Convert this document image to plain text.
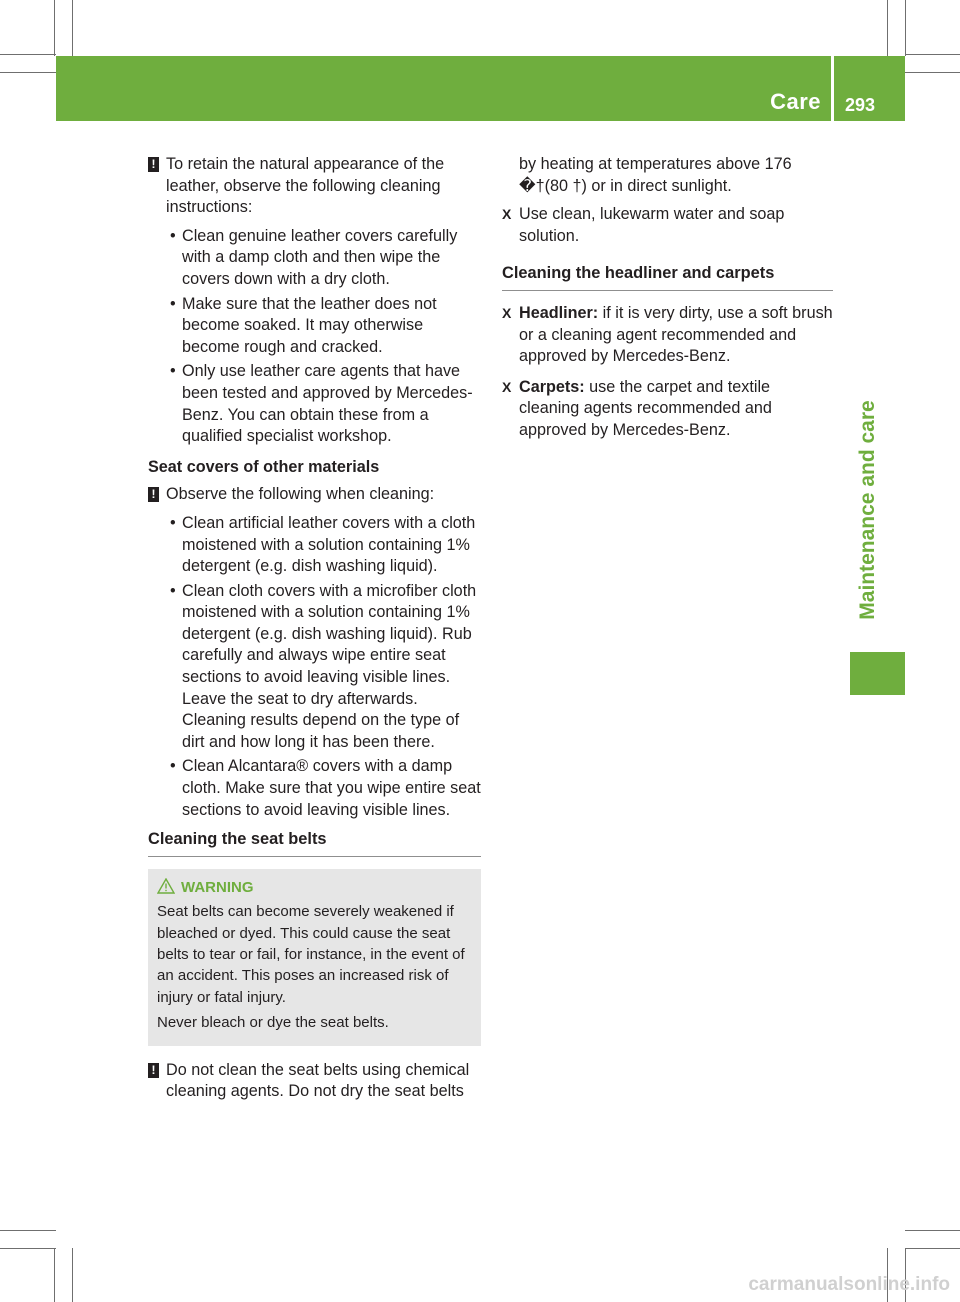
Care 293
Maintenance and care
! To retain the natural appearance of the leather, observe the following cleaning instructions:

• Clean genuine leather covers carefully with a damp cloth and then wipe the covers down with a dry cloth.
• Make sure that the leather does not become soaked. It may otherwise become rough and cracked.
• Only use leather care agents that have been tested and approved by Mercedes-Benz. You can obtain these from a qualified specialist workshop.

Seat covers of other materials

! Observe the following when cleaning:

• Clean artificial leather covers with a cloth moistened with a solution containing 1% detergent (e.g. dish washing liquid).
• Clean cloth covers with a microfiber cloth moistened with a solution containing 1% detergent (e.g. dish washing liquid). Rub carefully and always wipe entire seat sections to avoid leaving visible lines. Leave the seat to dry afterwards. Cleaning results depend on the type of dirt and how long it has been there.
• Clean Alcantara® covers with a damp cloth. Make sure that you wipe entire seat sections to avoid leaving visible lines.

Cleaning the seat belts

WARNING

Seat belts can become severely weakened if bleached or dyed. This could cause the seat belts to tear or fail, for instance, in the event of an accident. This poses an increased risk of injury or fatal injury.

Never bleach or dye the seat belts.

! Do not clean the seat belts using chemical cleaning agents. Do not dry the seat belts

by heating at temperatures above 176 �†(80 †) or in direct sunlight.

X Use clean, lukewarm water and soap solution.

Cleaning the headliner and carpets

X Headliner: if it is very dirty, use a soft brush or a cleaning agent recommended and approved by Mercedes-Benz.

X Carpets: use the carpet and textile cleaning agents recommended and approved by Mercedes-Benz.

carmanualsonline.info
